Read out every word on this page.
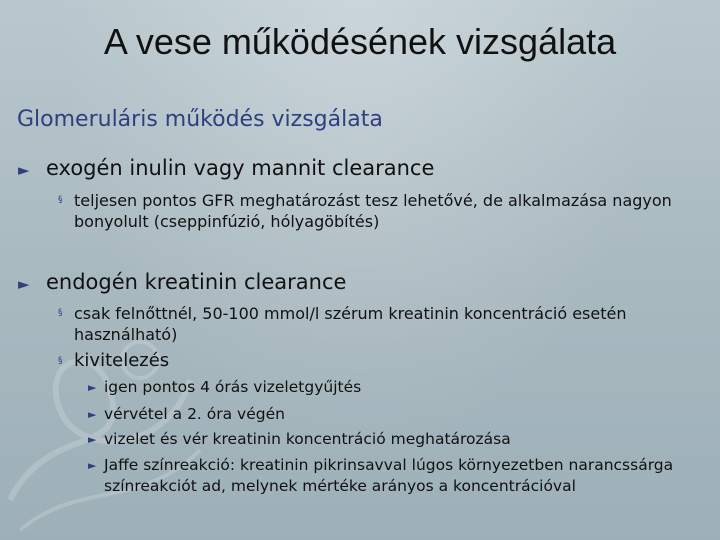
A vese működésének vizsgálata
Glomeruláris működés vizsgálata
► exogén inulin vagy mannit clearance
§ teljesen pontos GFR meghatározást tesz lehetővé, de alkalmazása nagyon bonyolult (cseppinfúzió, hólyagöbítés)
► endogén kreatinin clearance
§ csak felnőttnél, 50-100 mmol/l szérum kreatinin koncentráció esetén használható)
§ kivitelezés
► igen pontos 4 órás vizeletgyűjtés
► vérvétel a 2. óra végén
► vizelet és vér kreatinin koncentráció meghatározása
► Jaffe színreakció: kreatinin pikrinsavval lúgos környezetben narancssárga színreakciót ad, melynek mértéke arányos a koncentrációval
